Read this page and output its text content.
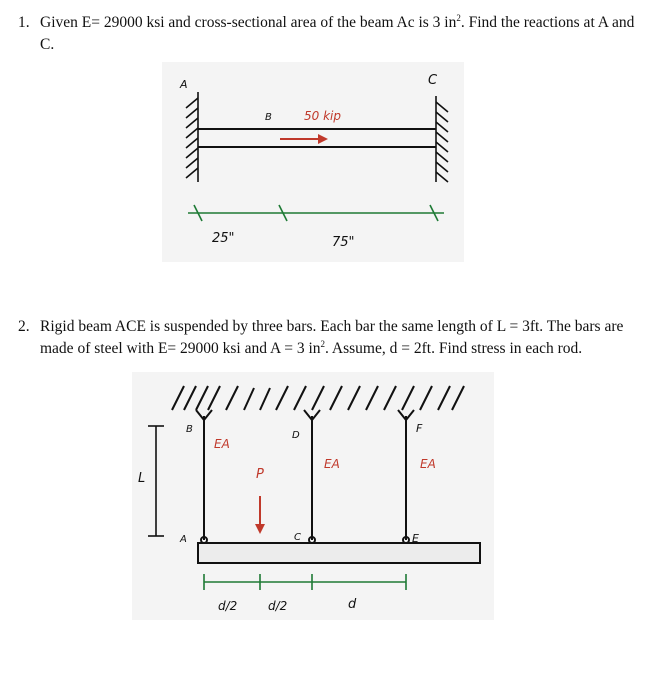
1. Given E= 29000 ksi and cross-sectional area of the beam Ac is 3 $in^2$. Find the reactions at A and C.
A	C
B	50 kip
25"	75"
2. Rigid beam ACE is suspended by three bars. Each bar the same length of L = 3ft. The bars are made of steel with E= 29000 ksi and A = 3 $in^2$. Assume, d = 2ft. Find stress in each rod.
L	P
EA
EA	EA
B
D
F
A	C	E
d/2	d/2	d
